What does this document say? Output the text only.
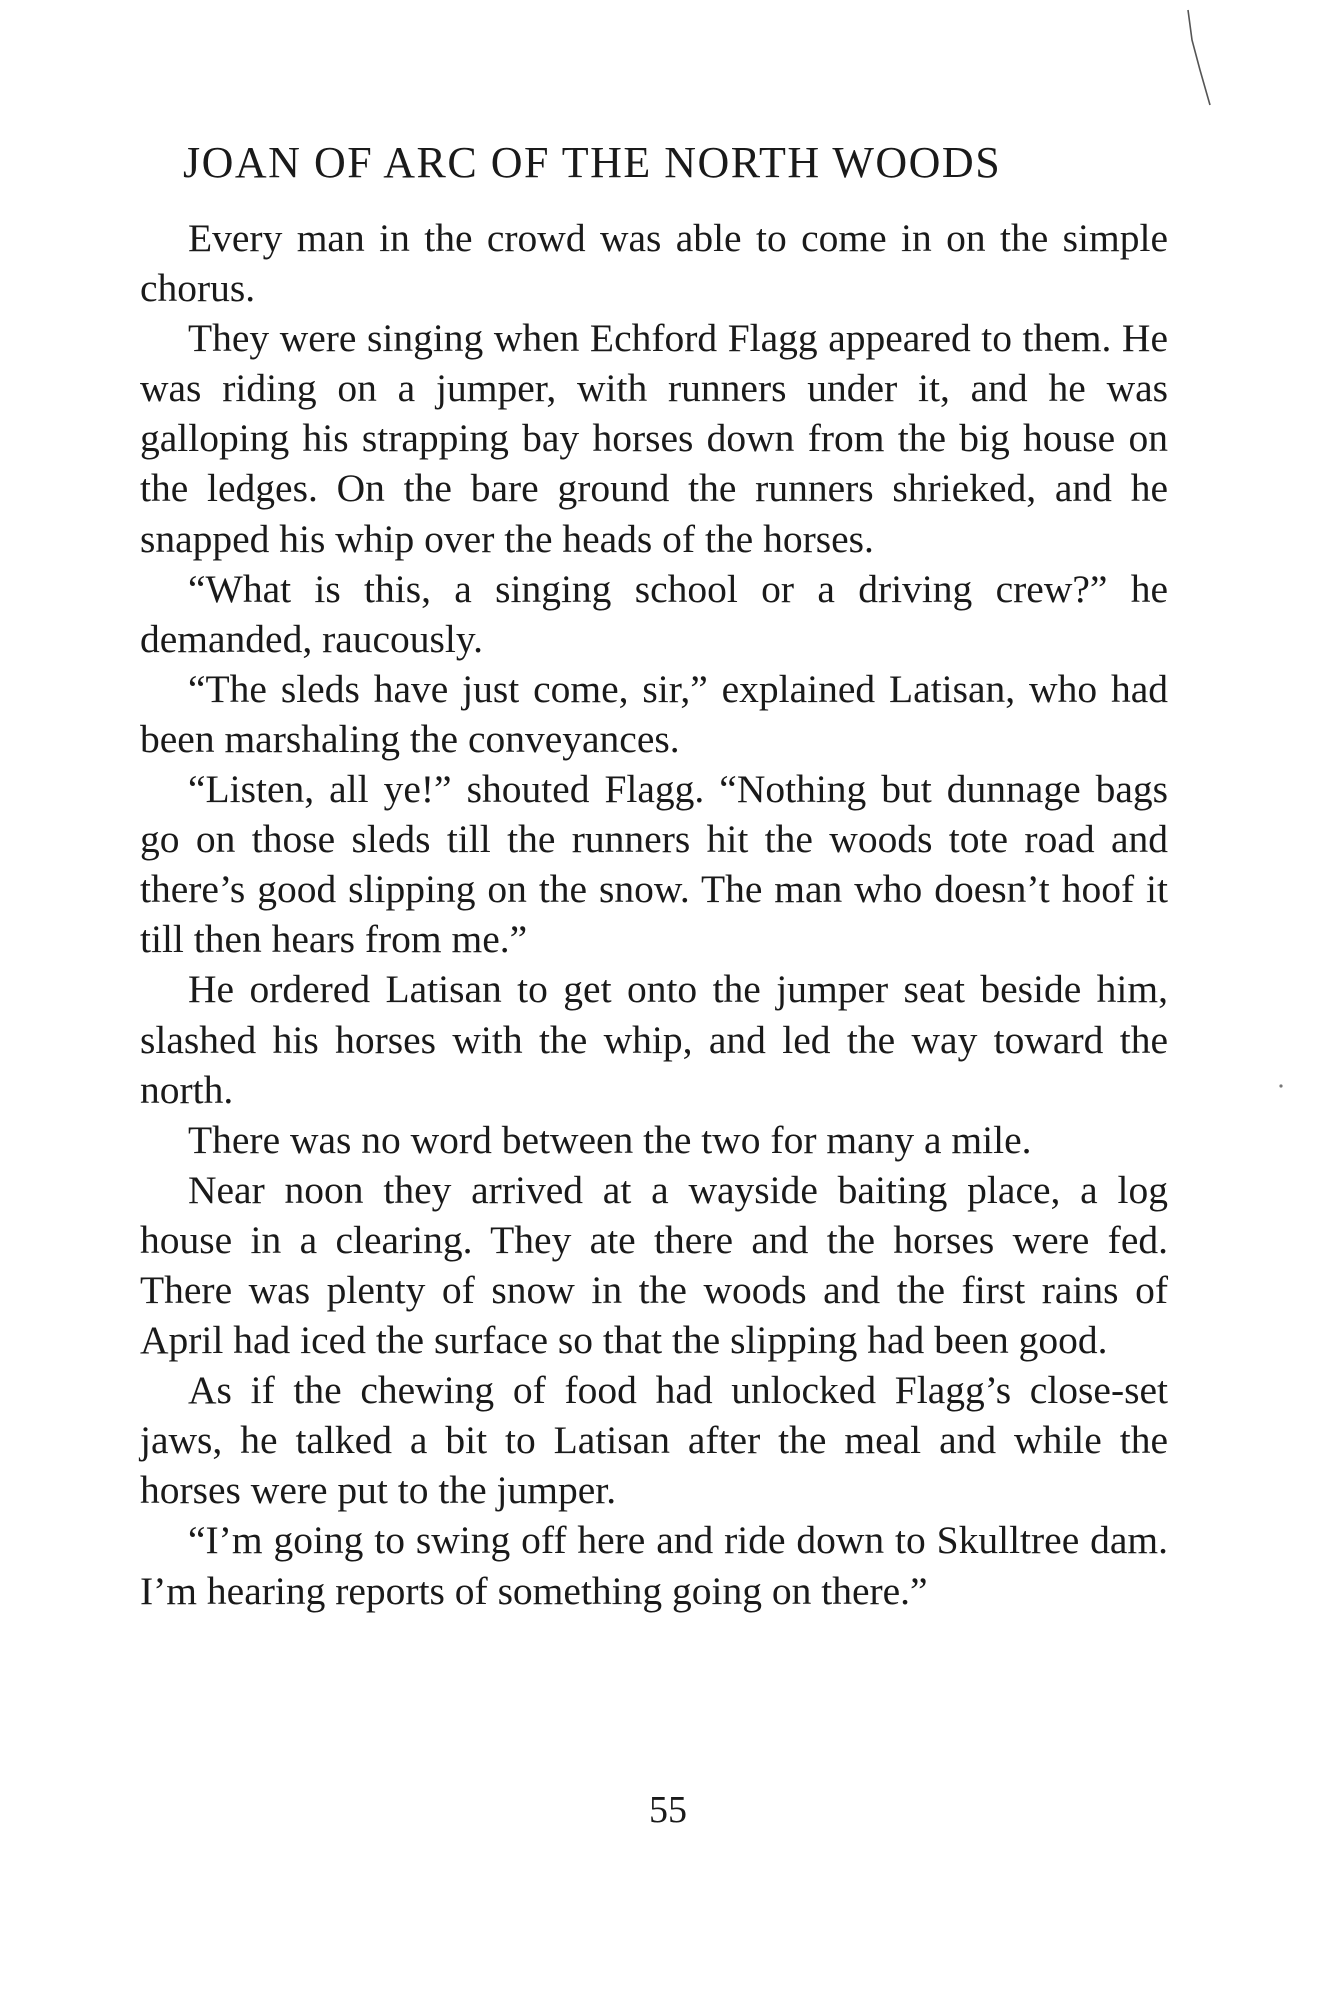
JOAN OF ARC OF THE NORTH WOODS

Every man in the crowd was able to come in on the simple chorus.

They were singing when Echford Flagg appeared to them. He was riding on a jumper, with runners under it, and he was galloping his strapping bay horses down from the big house on the ledges. On the bare ground the runners shrieked, and he snapped his whip over the heads of the horses.

“What is this, a singing school or a driving crew?” he demanded, raucously.

“The sleds have just come, sir,” explained Latisan, who had been marshaling the conveyances.

“Listen, all ye!” shouted Flagg. “Nothing but dunnage bags go on those sleds till the runners hit the woods tote road and there’s good slipping on the snow. The man who doesn’t hoof it till then hears from me.”

He ordered Latisan to get onto the jumper seat beside him, slashed his horses with the whip, and led the way toward the north.

There was no word between the two for many a mile.

Near noon they arrived at a wayside baiting place, a log house in a clearing. They ate there and the horses were fed. There was plenty of snow in the woods and the first rains of April had iced the surface so that the slipping had been good.

As if the chewing of food had unlocked Flagg’s close-set jaws, he talked a bit to Latisan after the meal and while the horses were put to the jumper.

“I’m going to swing off here and ride down to Skulltree dam. I’m hearing reports of something going on there.”

55
